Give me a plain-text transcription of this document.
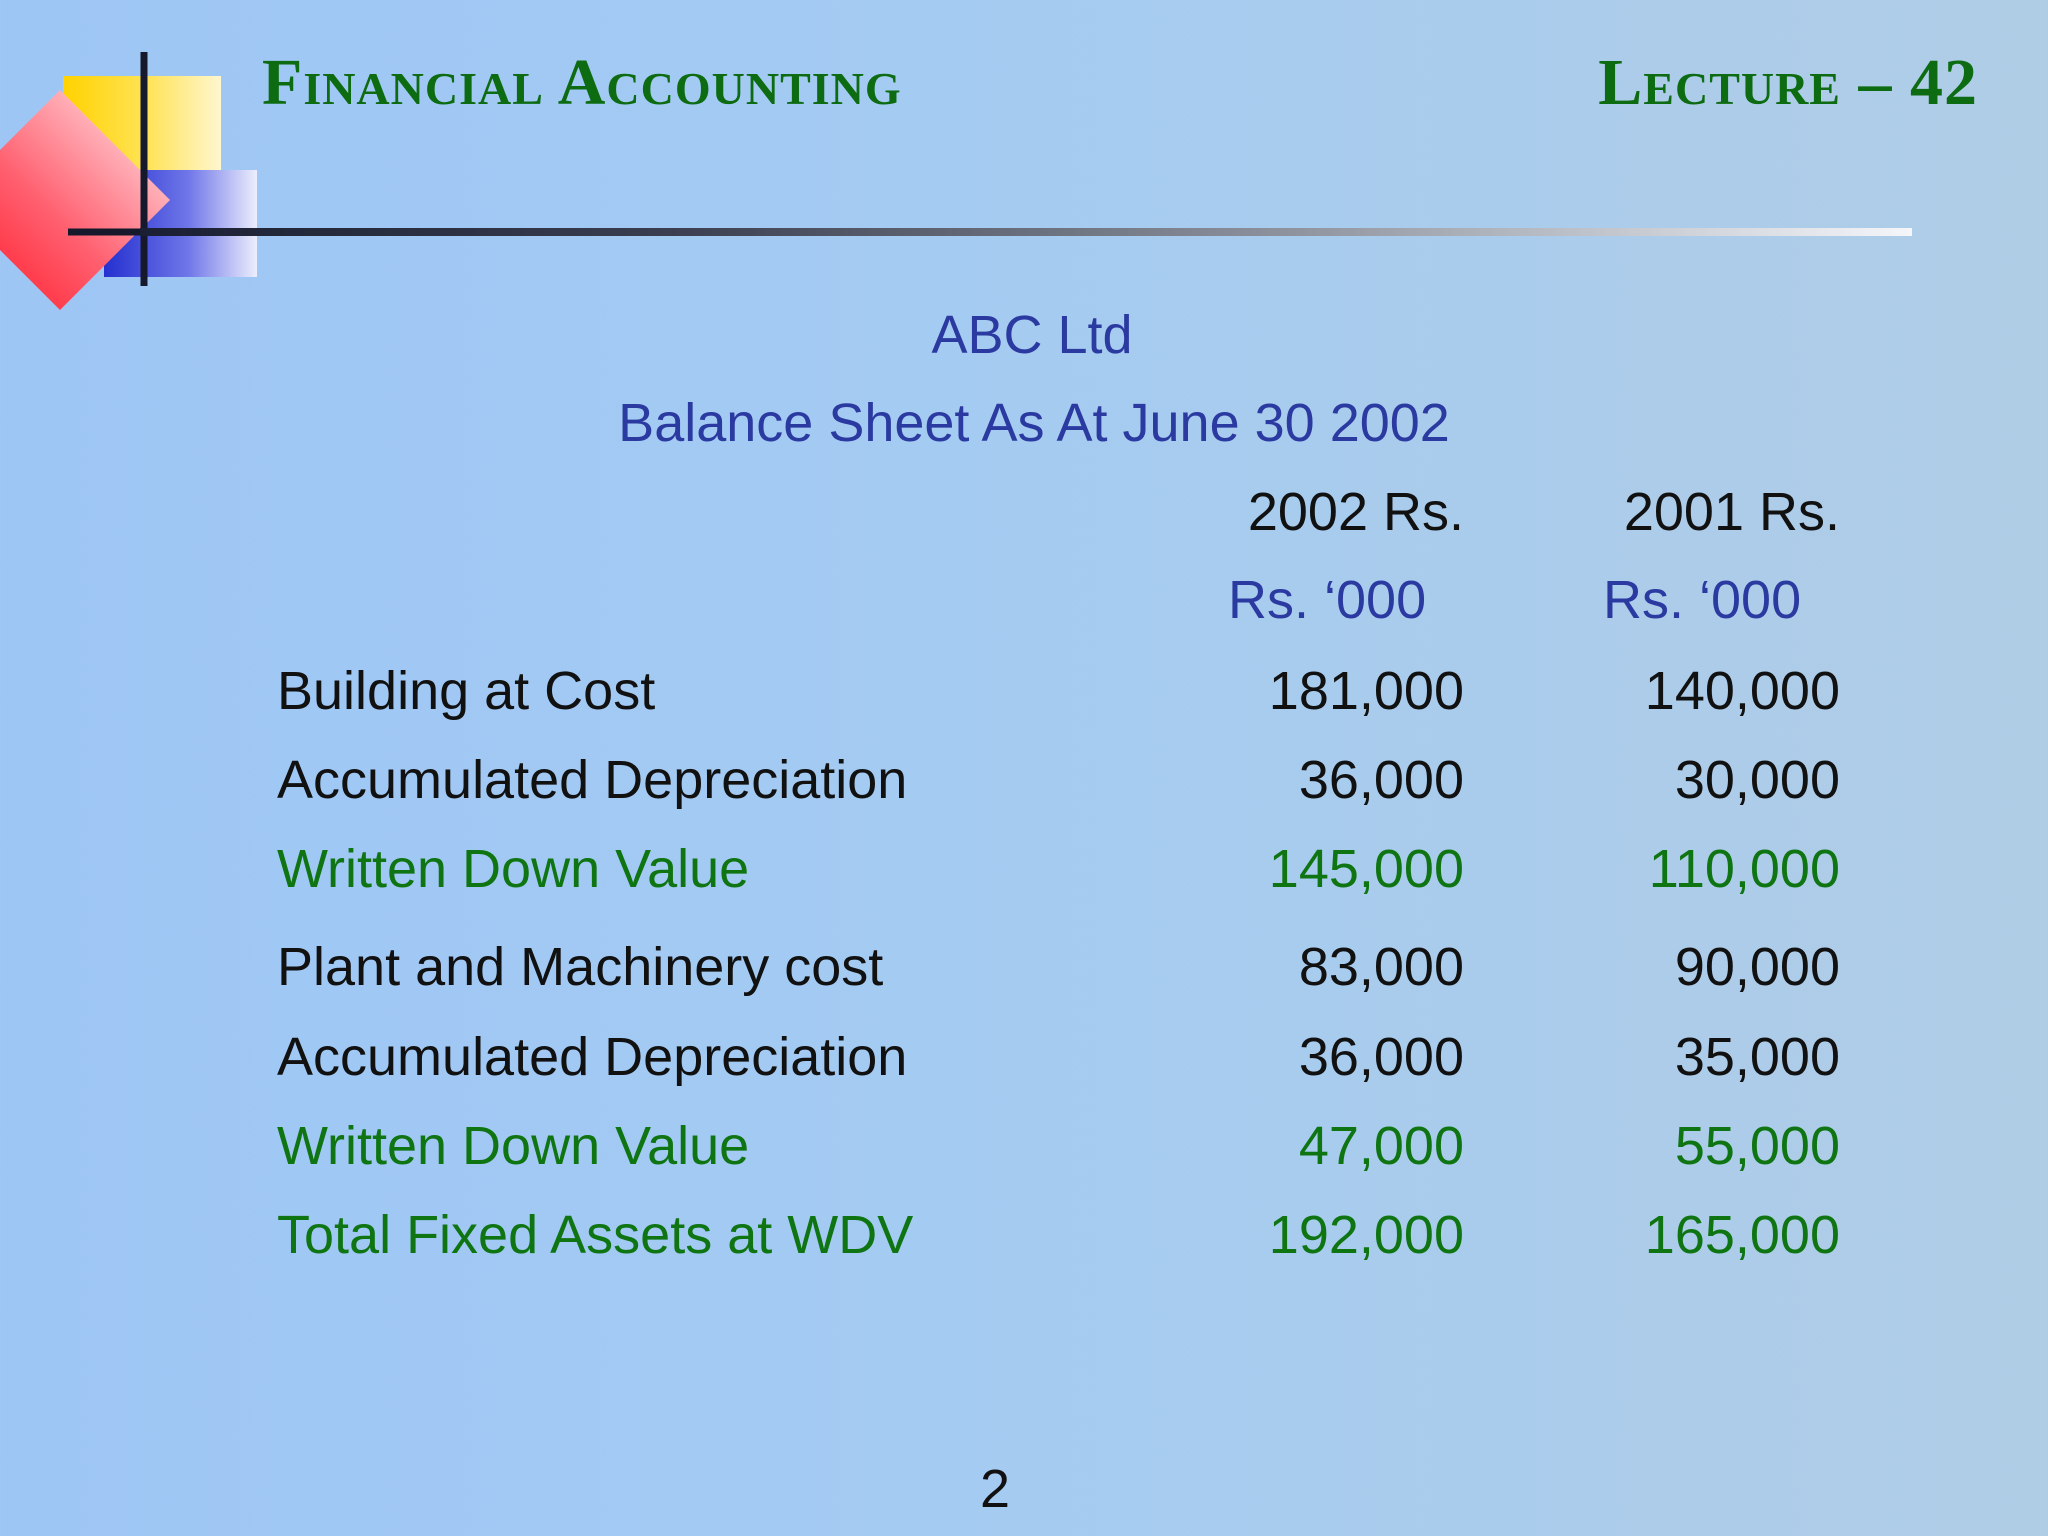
Financial Accounting	Lecture – 42
ABC Ltd
Balance Sheet As At June 30 2002
2002 Rs.	2001 Rs.
Rs. ‘000	Rs. ‘000
Building at Cost	181,000	140,000
Accumulated Depreciation	36,000	30,000
Written Down Value	145,000	110,000
Plant and Machinery cost	83,000	90,000
Accumulated Depreciation	36,000	35,000
Written Down Value	47,000	55,000
Total Fixed Assets at WDV	192,000	165,000
2
